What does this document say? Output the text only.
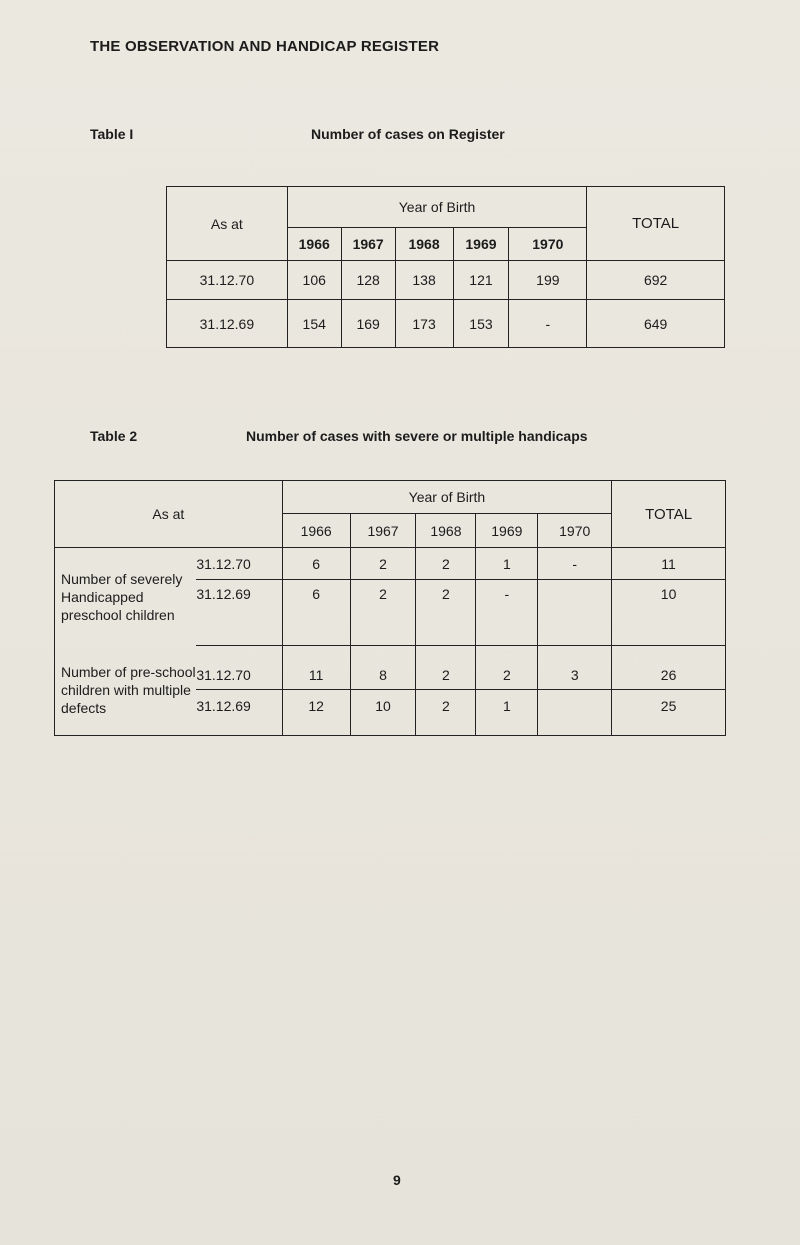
THE OBSERVATION AND HANDICAP REGISTER
Table I	Number of cases on Register
As at	Year of Birth					TOTAL
	1966	1967	1968	1969	1970	
31.12.70	106	128	138	121	199	692
31.12.69	154	169	173	153	-	649
Table 2	Number of cases with severe or multiple handicaps
As at		Year of Birth					TOTAL
		1966	1967	1968	1969	1970	
Number of severely Handicapped preschool children	31.12.70	6	2	2	1	-	11
	31.12.69	6	2	2	-		10
Number of pre-school children with multiple defects	31.12.70	11	8	2	2	3	26
	31.12.69	12	10	2	1		25
9
